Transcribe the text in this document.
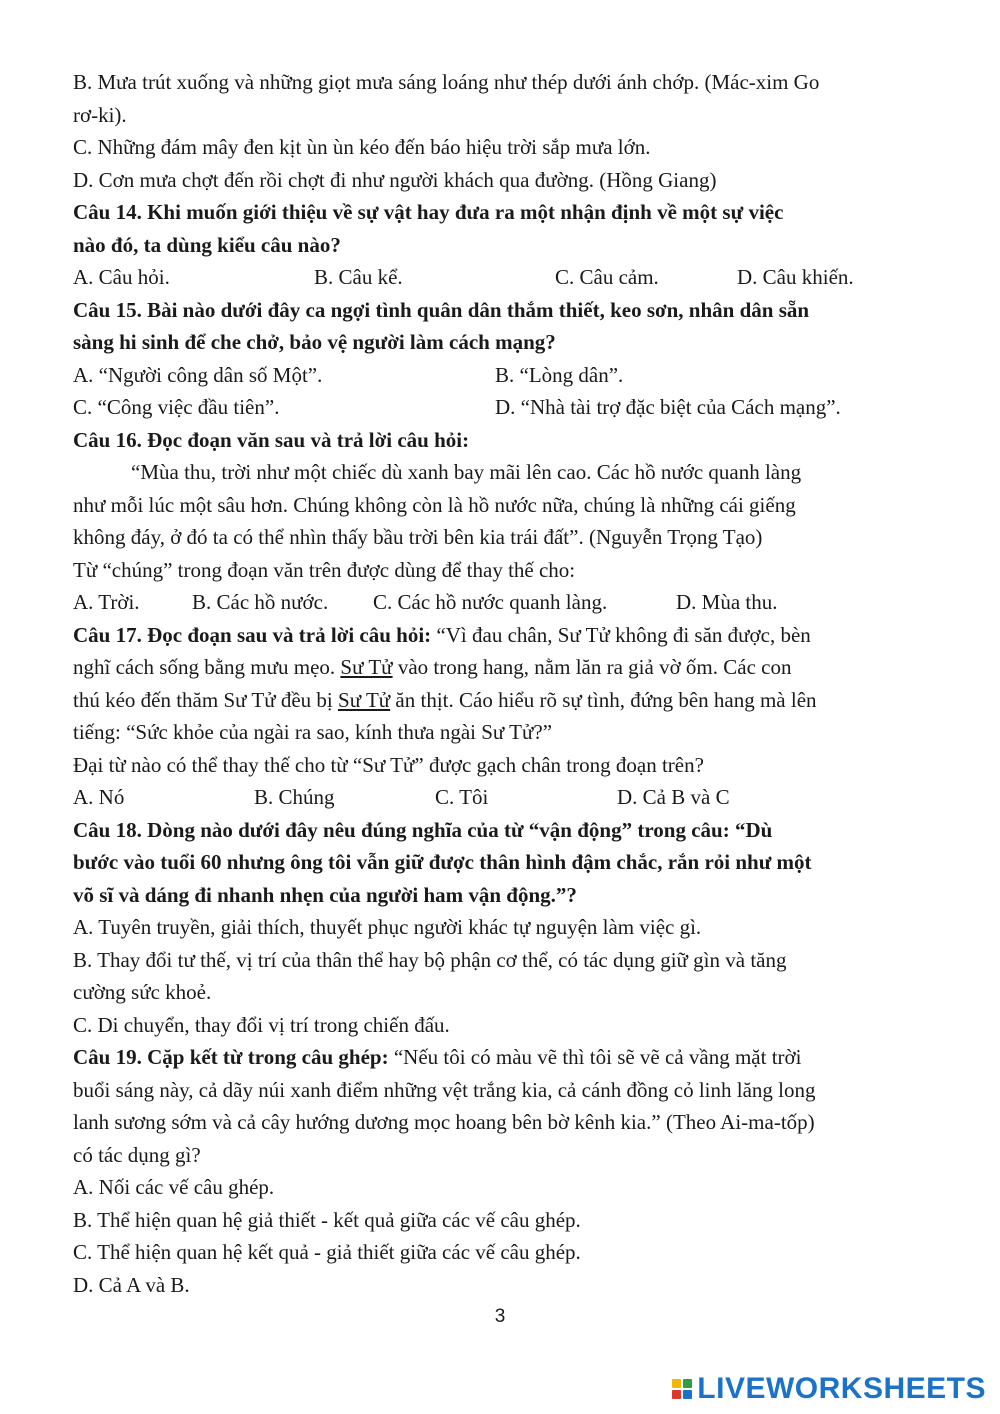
B. Mưa trút xuống và những giọt mưa sáng loáng như thép dưới ánh chớp. (Mác-xim Go
rơ-ki).
C. Những đám mây đen kịt ùn ùn kéo đến báo hiệu trời sắp mưa lớn.
D. Cơn mưa chợt đến rồi chợt đi như người khách qua đường. (Hồng Giang)
Câu 14. Khi muốn giới thiệu về sự vật hay đưa ra một nhận định về một sự việc
nào đó, ta dùng kiểu câu nào?
A. Câu hỏi.	B. Câu kể.	C. Câu cảm.	D. Câu khiến.
Câu 15. Bài nào dưới đây ca ngợi tình quân dân thắm thiết, keo sơn, nhân dân sẵn
sàng hi sinh để che chở, bảo vệ người làm cách mạng?
A. “Người công dân số Một”.	B. “Lòng dân”.
C. “Công việc đầu tiên”.	D. “Nhà tài trợ đặc biệt của Cách mạng”.
Câu 16. Đọc đoạn văn sau và trả lời câu hỏi:
“Mùa thu, trời như một chiếc dù xanh bay mãi lên cao. Các hồ nước quanh làng
như mỗi lúc một sâu hơn. Chúng không còn là hồ nước nữa, chúng là những cái giếng
không đáy, ở đó ta có thể nhìn thấy bầu trời bên kia trái đất”. (Nguyễn Trọng Tạo)
Từ “chúng” trong đoạn văn trên được dùng để thay thế cho:
A. Trời.	B. Các hồ nước.	C. Các hồ nước quanh làng.	D. Mùa thu.
Câu 17. Đọc đoạn sau và trả lời câu hỏi: “Vì đau chân, Sư Tử không đi săn được, bèn
nghĩ cách sống bằng mưu mẹo. Sư Tử vào trong hang, nằm lăn ra giả vờ ốm. Các con
thú kéo đến thăm Sư Tử đều bị Sư Tử ăn thịt. Cáo hiểu rõ sự tình, đứng bên hang mà lên
tiếng: “Sức khỏe của ngài ra sao, kính thưa ngài Sư Tử?”
Đại từ nào có thể thay thế cho từ “Sư Tử” được gạch chân trong đoạn trên?
A. Nó	B. Chúng	C. Tôi	D. Cả B và C
Câu 18. Dòng nào dưới đây nêu đúng nghĩa của từ “vận động” trong câu: “Dù
bước vào tuổi 60 nhưng ông tôi vẫn giữ được thân hình đậm chắc, rắn rỏi như một
võ sĩ và dáng đi nhanh nhẹn của người ham vận động.”?
A. Tuyên truyền, giải thích, thuyết phục người khác tự nguyện làm việc gì.
B. Thay đổi tư thế, vị trí của thân thể hay bộ phận cơ thể, có tác dụng giữ gìn và tăng
cường sức khoẻ.
C. Di chuyển, thay đổi vị trí trong chiến đấu.
Câu 19. Cặp kết từ trong câu ghép: “Nếu tôi có màu vẽ thì tôi sẽ vẽ cả vầng mặt trời
buổi sáng này, cả dãy núi xanh điểm những vệt trắng kia, cả cánh đồng cỏ linh lăng long
lanh sương sớm và cả cây hướng dương mọc hoang bên bờ kênh kia.” (Theo Ai-ma-tốp)
có tác dụng gì?
A. Nối các vế câu ghép.
B. Thể hiện quan hệ giả thiết - kết quả giữa các vế câu ghép.
C. Thể hiện quan hệ kết quả - giả thiết giữa các vế câu ghép.
D. Cả A và B.
3
LIVEWORKSHEETS
